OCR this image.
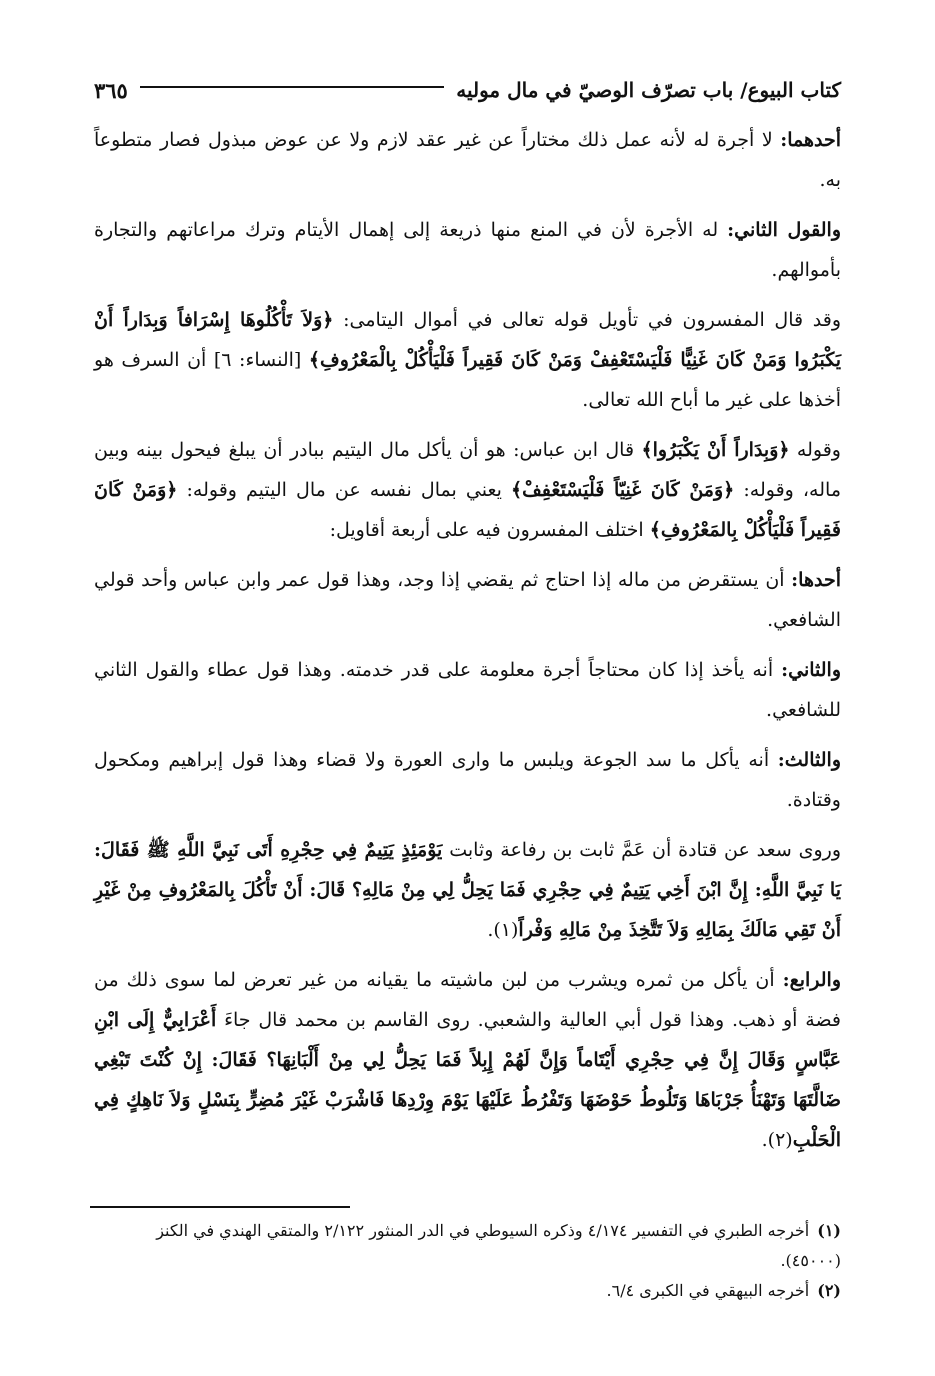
كتاب البيوع/ باب تصرّف الوصيّ في مال موليه
٣٦٥

أحدهما: لا أجرة له لأنه عمل ذلك مختاراً عن غير عقد لازم ولا عن عوض مبذول فصار متطوعاً به.

والقول الثاني: له الأجرة لأن في المنع منها ذريعة إلى إهمال الأيتام وترك مراعاتهم والتجارة بأموالهم.

وقد قال المفسرون في تأويل قوله تعالى في أموال اليتامى: ﴿وَلاَ تَأْكُلُوهَا إِسْرَافاً وَبِدَاراً أَنْ يَكْبَرُوا وَمَنْ كَانَ غَنِيًّا فَلْيَسْتَعْفِفْ وَمَنْ كَانَ فَقِيراً فَلْيَأْكُلْ بِالْمَعْرُوفِ﴾ [النساء: ٦] أن السرف هو أخذها على غير ما أباح الله تعالى.

وقوله ﴿وَبِدَاراً أَنْ يَكْبَرُوا﴾ قال ابن عباس: هو أن يأكل مال اليتيم ببادر أن يبلغ فيحول بينه وبين ماله، وقوله: ﴿وَمَنْ كَانَ غَنِيّاً فَلْيَسْتَعْفِفْ﴾ يعني بمال نفسه عن مال اليتيم وقوله: ﴿وَمَنْ كَانَ فَقِيراً فَلْيَأْكُلْ بِالمَعْرُوفِ﴾ اختلف المفسرون فيه على أربعة أقاويل:

أحدها: أن يستقرض من ماله إذا احتاج ثم يقضي إذا وجد، وهذا قول عمر وابن عباس وأحد قولي الشافعي.

والثاني: أنه يأخذ إذا كان محتاجاً أجرة معلومة على قدر خدمته. وهذا قول عطاء والقول الثاني للشافعي.

والثالث: أنه يأكل ما سد الجوعة ويلبس ما وارى العورة ولا قضاء وهذا قول إبراهيم ومكحول وقتادة.

وروى سعد عن قتادة أن عَمَّ ثابت بن رفاعة وثابت يَوْمَئِذٍ يَتِيمٌ فِي حِجْرِهِ أَتَى نَبِيَّ اللَّهِ ﷺ فَقَالَ: يَا نَبِيَّ اللَّهِ: إِنَّ ابْنَ أَخِي يَتِيمٌ فِي حِجْرِي فَمَا يَحِلُّ لِي مِنْ مَالِهِ؟ قَالَ: أَنْ تَأْكُلَ بِالمَعْرُوفِ مِنْ غَيْرِ أَنْ تَقِي مَالَكَ بِمَالِهِ وَلاَ تَتَّخِذَ مِنْ مَالِهِ وَفْراً(١).

والرابع: أن يأكل من ثمره ويشرب من لبن ماشيته ما يقيانه من غير تعرض لما سوى ذلك من فضة أو ذهب. وهذا قول أبي العالية والشعبي. روى القاسم بن محمد قال جاءَ أَعْرَابِيٌّ إِلَى ابْنِ عَبَّاسٍ وَقَالَ إِنَّ فِي حِجْرِي أَيْتَاماً وَإِنَّ لَهُمْ إِبِلاً فَمَا يَحِلُّ لِي مِنْ أَلْبَانِهَا؟ فَقَالَ: إِنْ كُنْتَ تَبْغِي ضَالَّتَهَا وَتَهْنَأُ جَرْبَاهَا وَتَلُوطُ حَوْضَهَا وَتَفْرُطُ عَلَيْهَا يَوْمَ وِرْدِهَا فَاشْرَبْ غَيْرَ مُضِرٍّ بِنَسْلٍ وَلاَ نَاهِكٍ فِي الْحَلْبِ(٢).

(١)أخرجه الطبري في التفسير ٤/١٧٤ وذكره السيوطي في الدر المنثور ٢/١٢٢ والمتقي الهندي في الكنز (٤٥٠٠٠).

(٢)أخرجه البيهقي في الكبرى ٦/٤.
